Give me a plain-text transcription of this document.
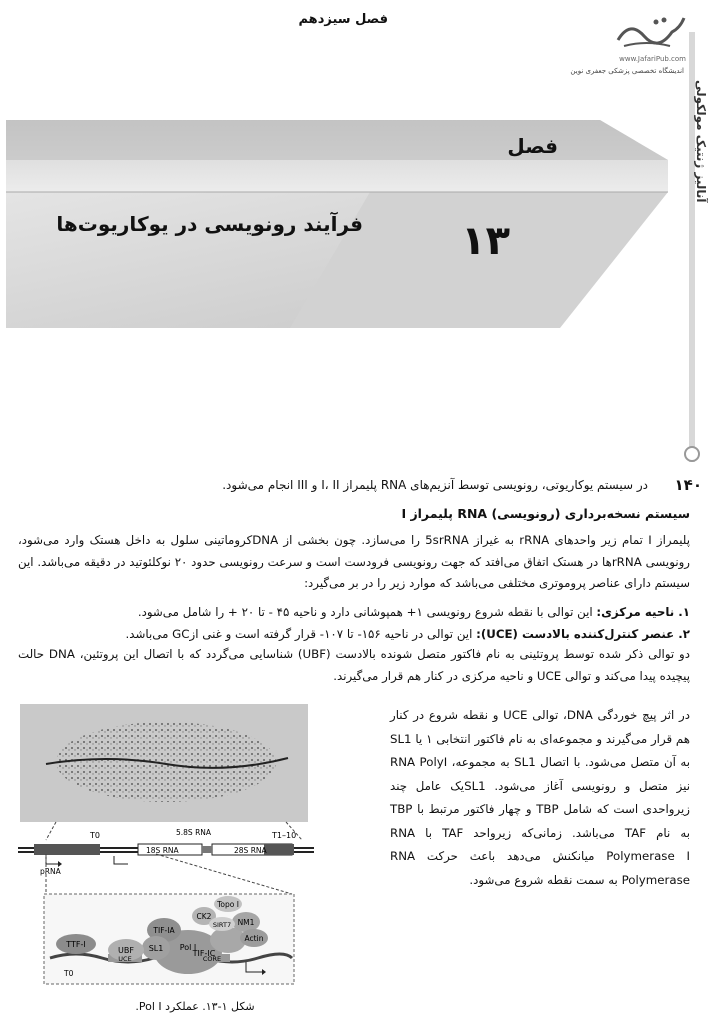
فصل سیزدهم
www.JafariPub.com
اندیشگاه تخصصی پزشکی جعفری نوین
آنالیز ژنتیک مولکولی
۱۴۰
فصل
۱۳
فرآیند رونویسی در یوکاریوت‌ها
در سیستم یوکاریوتی، رونویسی توسط آنزیم‌های RNA پلیمراز I، II و III انجام می‌شود.
سیستم نسخه‌برداری (رونویسی) RNA پلیمراز I
پلیمراز I تمام زیر واحدهای rRNA به غیراز 5srRNA را می‌سازد. چون بخشی از DNAکروماتینی سلول به داخل هستک وارد می‌شود، رونویسی rRNAها در هستک اتفاق می‌افتد که جهت رونویسی فرودست است و سرعت رونویسی حدود ۲۰ نوکلئوتید در دقیقه می‌باشد. این سیستم دارای عناصر پروموتری مختلفی می‌باشد که موارد زیر را در بر می‌گیرد:
۱. ناحیه مرکزی: این توالی با نقطه شروع رونویسی ۱+ همپوشانی دارد و ناحیه ۴۵ - تا ۲۰ + را شامل می‌شود.
۲. عنصر کنترل‌کننده بالادست (UCE): این توالی در ناحیه ۱۵۶- تا ۱۰۷- قرار گرفته است و غنی ازGC می‌باشد.
دو توالی ذکر شده توسط پروتئینی به نام فاکتور متصل شونده بالادست (UBF) شناسایی می‌گردد که با اتصال این پروتئین، DNA حالت پیچیده پیدا می‌کند و توالی UCE و ناحیه مرکزی در کنار هم قرار می‌گیرند.
در اثر پیچ خوردگی DNA، توالی UCE و نقطه شروع در کنار هم قرار می‌گیرند و مجموعه‌ای به نام فاکتور انتخابی ۱ یا SL1 به آن متصل می‌شود. با اتصال SL1 به مجموعه، RNA PolyI نیز متصل و رونویسی آغاز می‌شود. SL1یک عامل چند زیرواحدی است که شامل TBP و چهار فاکتور مرتبط با TBP به نام TAF می‌باشد. زمانی‌که زیرواحد TAF با RNA Polymerase I میانکنش می‌دهد باعث حرکت RNA Polymerase به سمت نقطه شروع می‌شود.
T0	T1–10
5.8S RNA
18S RNA	28S RNA
pRNA
TIF-IC
TIF-IA
CK2
Topo I
NM1
SIRT7
Actin
TTF-I
UBF SL1 Pol I
UCE	CORE
T0
شکل ۱-۱۳. عملکرد Pol I.
